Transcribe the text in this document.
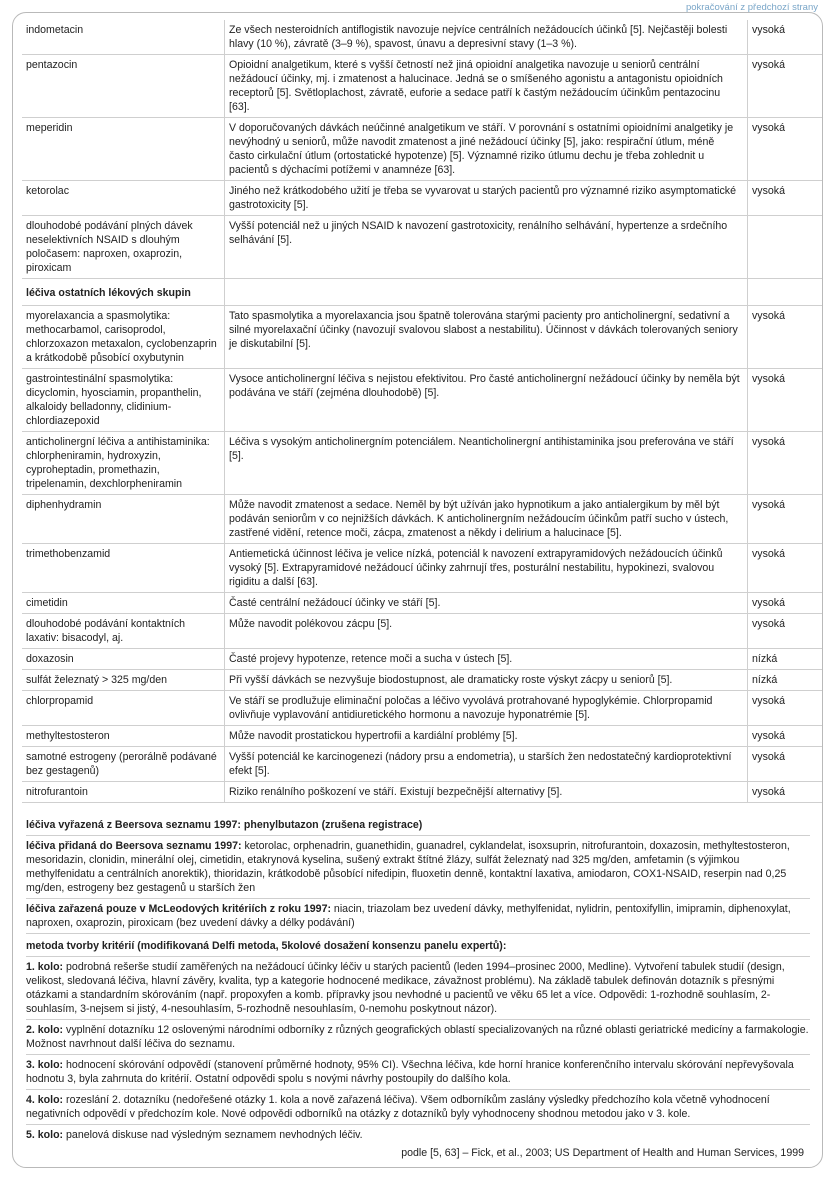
pokračování z předchozí strany
indometacin	Ze všech nesteroidních antiflogistik navozuje nejvíce centrálních nežádoucích účinků [5]. Nejčastěji bolesti hlavy (10 %), závratě (3–9 %), spavost, únavu a depresivní stavy (1–3 %).	vysoká
pentazocin	Opioidní analgetikum, které s vyšší četností než jiná opioidní analgetika navozuje u seniorů centrální nežádoucí účinky, mj. i zmatenost a halucinace. Jedná se o smíšeného agonistu a antagonistu opioidních receptorů [5]. Světloplachost, závratě, euforie a sedace patří k častým nežádoucím účinkům pentazocinu [63].	vysoká
meperidin	V doporučovaných dávkách neúčinné analgetikum ve stáří. V porovnání s ostatními opioidními analgetiky je nevýhodný u seniorů, může navodit zmatenost a jiné nežádoucí účinky [5], jako: respirační útlum, méně často cirkulační útlum (ortostatické hypotenze) [5]. Významné riziko útlumu dechu je třeba zohlednit u pacientů s dýchacími potížemi v anamnéze [63].	vysoká
ketorolac	Jiného než krátkodobého užití je třeba se vyvarovat u starých pacientů pro významné riziko asymptomatické gastrotoxicity [5].	vysoká
dlouhodobé podávání plných dávek neselektivních NSAID s dlouhým poločasem: naproxen, oxaprozin, piroxicam	Vyšší potenciál než u jiných NSAID k navození gastrotoxicity, renálního selhávání, hypertenze a srdečního selhávání [5].	
léčiva ostatních lékových skupin		
myorelaxancia a spasmolytika: methocarbamol, carisoprodol, chlorzoxazon metaxalon, cyclobenzaprin a krátkodobě působící oxybutynin	Tato spasmolytika a myorelaxancia jsou špatně tolerována starými pacienty pro anticholinergní, sedativní a silné myorelaxační účinky (navozují svalovou slabost a nestabilitu). Účinnost v dávkách tolerovaných seniory je diskutabilní [5].	vysoká
gastrointestinální spasmolytika: dicyclomin, hyosciamin, propanthelin, alkaloidy belladonny, clidinium-chlordiazepoxid	Vysoce anticholinergní léčiva s nejistou efektivitou. Pro časté anticholinergní nežádoucí účinky by neměla být podávána ve stáří (zejména dlouhodobě) [5].	vysoká
anticholinergní léčiva a antihistaminika: chlorpheniramin, hydroxyzin, cyproheptadin, promethazin, tripelenamin, dexchlorpheniramin	Léčiva s vysokým anticholinergním potenciálem. Neanticholinergní antihistaminika jsou preferována ve stáří [5].	vysoká
diphenhydramin	Může navodit zmatenost a sedace. Neměl by být užíván jako hypnotikum a jako antialergikum by měl být podáván seniorům v co nejnižších dávkách. K anticholinergním nežádoucím účinkům patří sucho v ústech, zastřené vidění, retence moči, zácpa, zmatenost a někdy i delirium a halucinace [5].	vysoká
trimethobenzamid	Antiemetická účinnost léčiva je velice nízká, potenciál k navození extrapyramidových nežádoucích účinků vysoký [5]. Extrapyramidové nežádoucí účinky zahrnují třes, posturální nestabilitu, hypokinezi, svalovou rigiditu a další [63].	vysoká
cimetidin	Časté centrální nežádoucí účinky ve stáří [5].	vysoká
dlouhodobé podávání kontaktních laxativ: bisacodyl, aj.	Může navodit polékovou zácpu [5].	vysoká
doxazosin	Časté projevy hypotenze, retence moči a sucha v ústech [5].	nízká
sulfát železnatý > 325 mg/den	Při vyšší dávkách se nezvyšuje biodostupnost, ale dramaticky roste výskyt zácpy u seniorů [5].	nízká
chlorpropamid	Ve stáří se prodlužuje eliminační poločas a léčivo vyvolává protrahované hypoglykémie. Chlorpropamid ovlivňuje vyplavování antidiuretického hormonu a navozuje hyponatrémie [5].	vysoká
methyltestosteron	Může navodit prostatickou hypertrofii a kardiální problémy [5].	vysoká
samotné estrogeny (perorálně podávané bez gestagenů)	Vyšší potenciál ke karcinogenezi (nádory prsu a endometria), u starších žen nedostatečný kardioprotektivní efekt [5].	vysoká
nitrofurantoin	Riziko renálního poškození ve stáří. Existují bezpečnější alternativy [5].	vysoká
léčiva vyřazená z Beersova seznamu 1997: phenylbutazon (zrušena registrace)
léčiva přidaná do Beersova seznamu 1997: ketorolac, orphenadrin, guanethidin, guanadrel, cyklandelat, isoxsuprin, nitrofurantoin, doxazosin, methyltestosteron, mesoridazin, clonidin, minerální olej, cimetidin, etakrynová kyselina, sušený extrakt štítné žlázy, sulfát železnatý nad 325 mg/den, amfetamin (s výjimkou methylfenidatu a centrálních anorektik), thioridazin, krátkodobě působící nifedipin, fluoxetin denně, kontaktní laxativa, amiodaron, COX1-NSAID, reserpin nad 0,25 mg/den, estrogeny bez gestagenů u starších žen
léčiva zařazená pouze v McLeodových kritériích z roku 1997: niacin, triazolam bez uvedení dávky, methylfenidat, nylidrin, pentoxifyllin, imipramin, diphenoxylat, naproxen, oxaprozin, piroxicam (bez uvedení dávky a délky podávání)
metoda tvorby kritérií (modifikovaná Delfi metoda, 5kolové dosažení konsenzu panelu expertů):
1. kolo: podrobná rešerše studií zaměřených na nežádoucí účinky léčiv u starých pacientů (leden 1994–prosinec 2000, Medline). Vytvoření tabulek studií (design, velikost, sledovaná léčiva, hlavní závěry, kvalita, typ a kategorie hodnocené medikace, závažnost problému). Na základě tabulek definován dotazník s přesnými otázkami a standardním skórováním (např. propoxyfen a komb. přípravky jsou nevhodné u pacientů ve věku 65 let a více. Odpovědi: 1-rozhodně souhlasím, 2-souhlasím, 3-nejsem si jistý, 4-nesouhlasím, 5-rozhodně nesouhlasím, 0-nemohu poskytnout názor).
2. kolo: vyplnění dotazníku 12 oslovenými národními odborníky z různých geografických oblastí specializovaných na různé oblasti geriatrické medicíny a farmakologie. Možnost navrhnout další léčiva do seznamu.
3. kolo: hodnocení skórování odpovědí (stanovení průměrné hodnoty, 95% CI). Všechna léčiva, kde horní hranice konferenčního intervalu skórování nepřevyšovala hodnotu 3, byla zahrnuta do kritérií. Ostatní odpovědi spolu s novými návrhy postoupily do dalšího kola.
4. kolo: rozeslání 2. dotazníku (nedořešené otázky 1. kola a nově zařazená léčiva). Všem odborníkům zaslány výsledky předchozího kola včetně vyhodnocení negativních odpovědí v předchozím kole. Nové odpovědi odborníků na otázky z dotazníků byly vyhodnoceny shodnou metodou jako v 3. kole.
5. kolo: panelová diskuse nad výsledným seznamem nevhodných léčiv.
podle [5, 63] – Fick, et al., 2003; US Department of Health and Human Services, 1999
